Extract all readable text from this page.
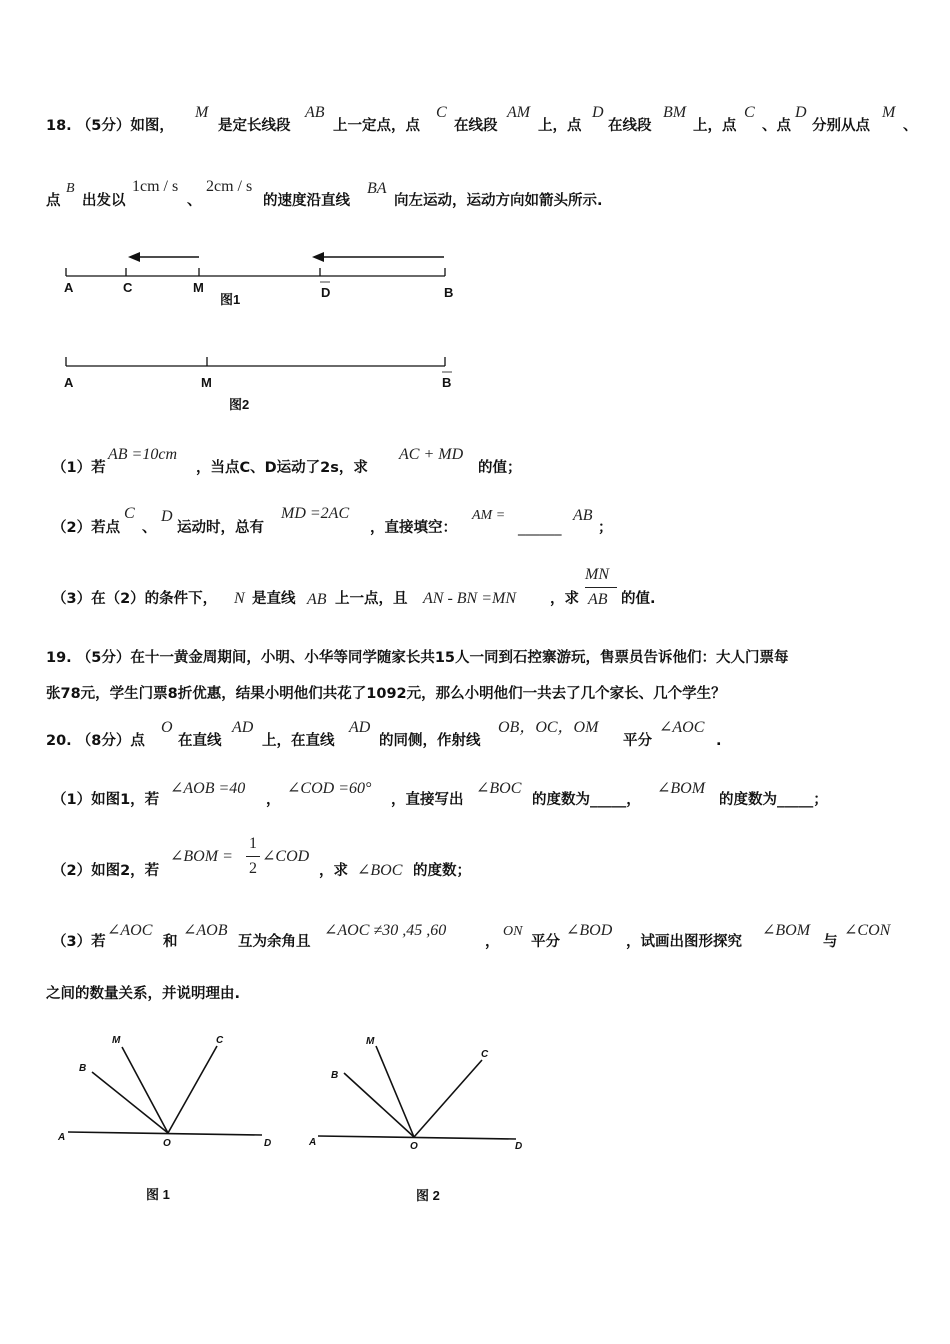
18. （5分）如图，
M
是定长线段
AB
上一定点，点
C
在线段
AM
上，点
D
在线段
BM
上，点
C
、点
D
分别从点
M
、
点
B
出发以
1cm / s
、
2cm / s
的速度沿直线
BA
向左运动，运动方向如箭头所示.
A	C	M
图1	D	B
A	M	B
图2
（1）若
AB =10cm
，当点C、D运动了2s，求
AC + MD
的值；
（2）若点
C
、
D
运动时，总有
MD =2AC
，直接填空：
AM =
______
AB
；
（3）在（2）的条件下， N 是直线 AB 上一点，且 AN - BN =MN ，求
MN
AB 的值.
19. （5分）在十一黄金周期间，小明、小华等同学随家长共15人一同到石控寨游玩，售票员告诉他们：大人门票每
张78元，学生门票8折优惠，结果小明他们共花了1092元，那么小明他们一共去了几个家长、几个学生？
20. （8分）点
O
在直线
AD
上，在直线
AD
的同侧，作射线
OB，OC，OM
平分
∠AOC
.
（1）如图1，若
∠AOB =40
，
∠COD =60°
，直接写出
∠BOC
的度数为_____，
∠BOM
的度数为_____；
（2）如图2，若
∠BOM =
1
2
∠COD
，求 ∠BOC 的度数；
（3）若
∠AOC
和
∠AOB
互为余角且
∠AOC ≠30 ,45 ,60
，
ON
平分
∠BOD
，试画出图形探究
∠BOM
与
∠CON
之间的数量关系，并说明理由.
M	C
B
A
O	D
图 1
M
C
B
A	O	D
图 2
